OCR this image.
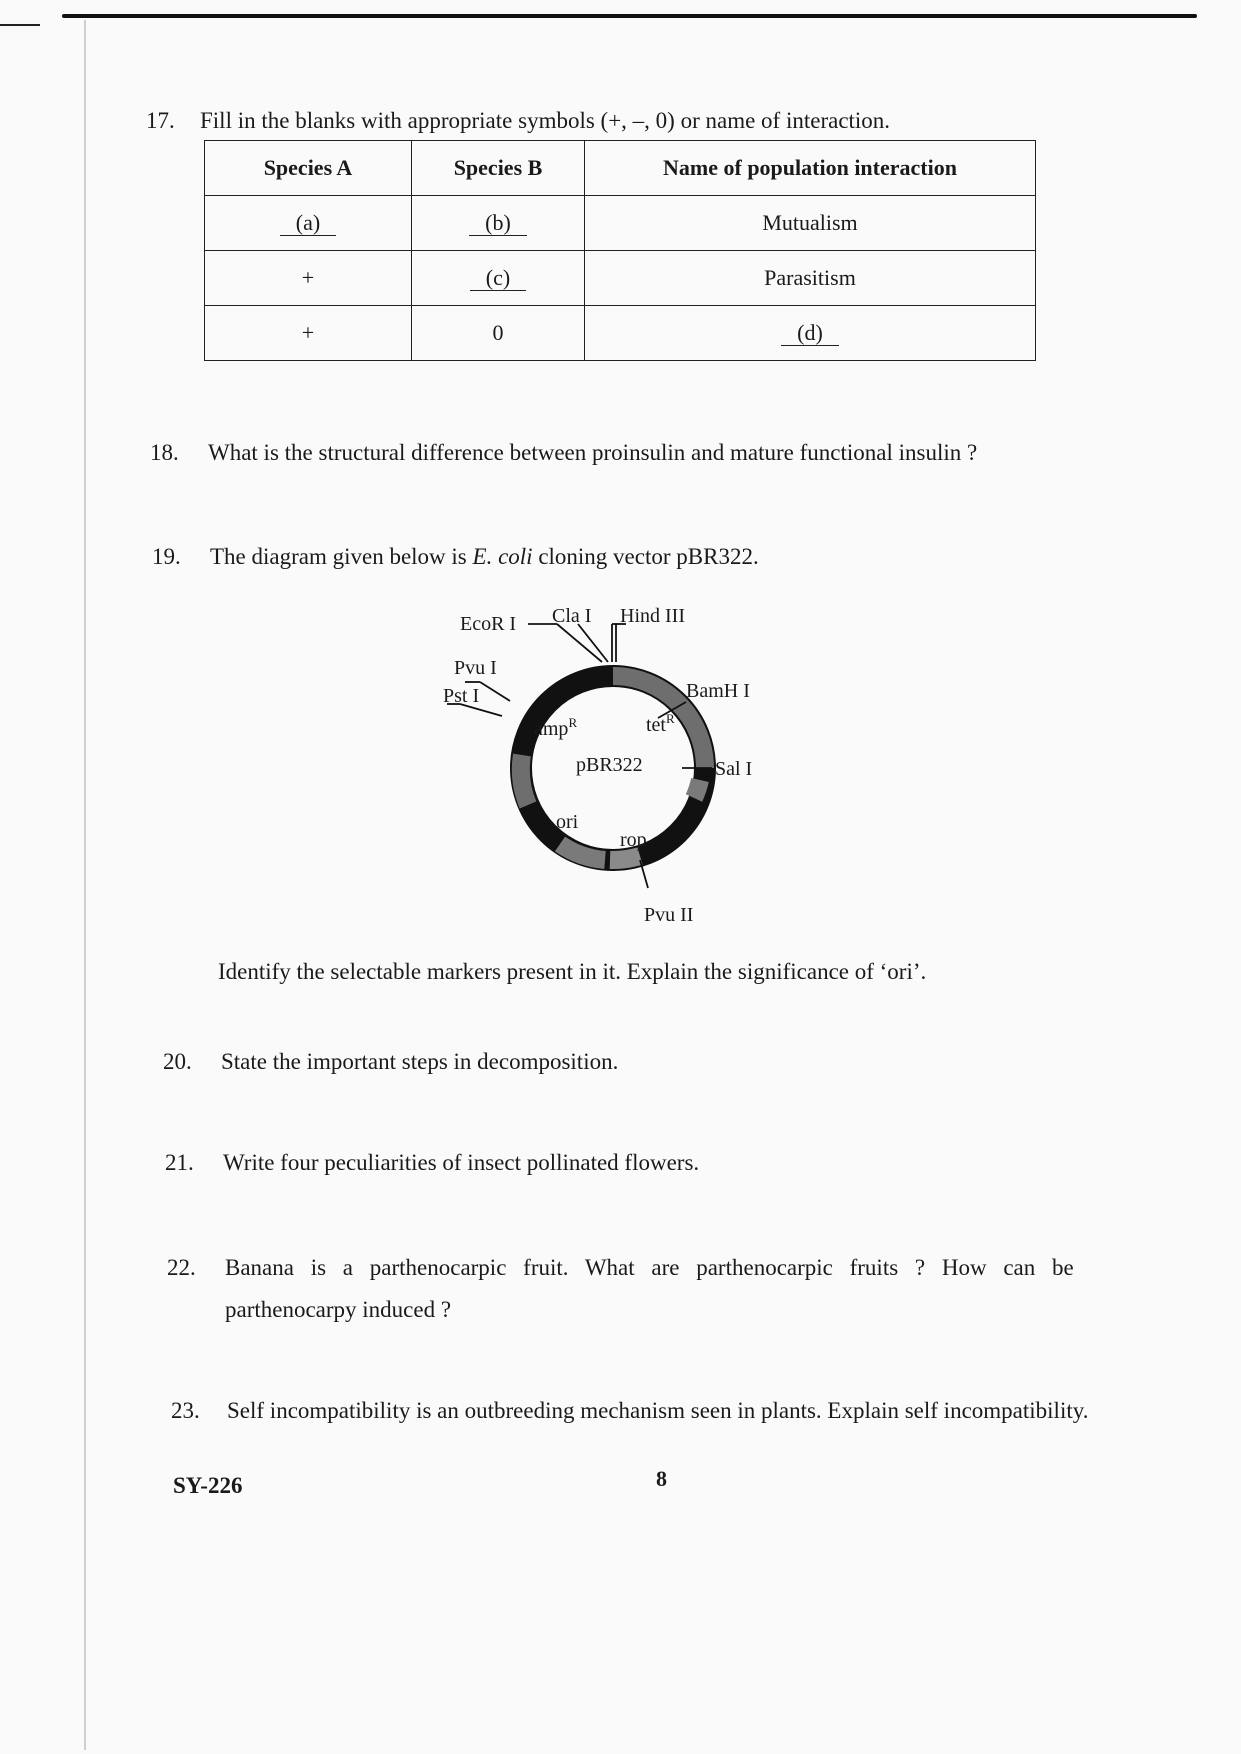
17. Fill in the blanks with appropriate symbols (+, –, 0) or name of interaction.
Species A	Species B	Name of population interaction
(a)	(b)	Mutualism
+	(c)	Parasitism
+	0	(d)
18. What is the structural difference between proinsulin and mature functional insulin ?
19. The diagram given below is E. coli cloning vector pBR322.
EcoR I Cla I Hind III
Pvu I
Pst I	BamH I
Sal I
Pvu II
amp$^R$	tet$^R$
pBR322
ori
rop
Identify the selectable markers present in it. Explain the significance of ‘ori’.
20. State the important steps in decomposition.
21. Write four peculiarities of insect pollinated flowers.
22. Banana is a parthenocarpic fruit. What are parthenocarpic fruits ? How can be
parthenocarpy induced ?
23. Self incompatibility is an outbreeding mechanism seen in plants. Explain self incompatibility.
SY-226	8
